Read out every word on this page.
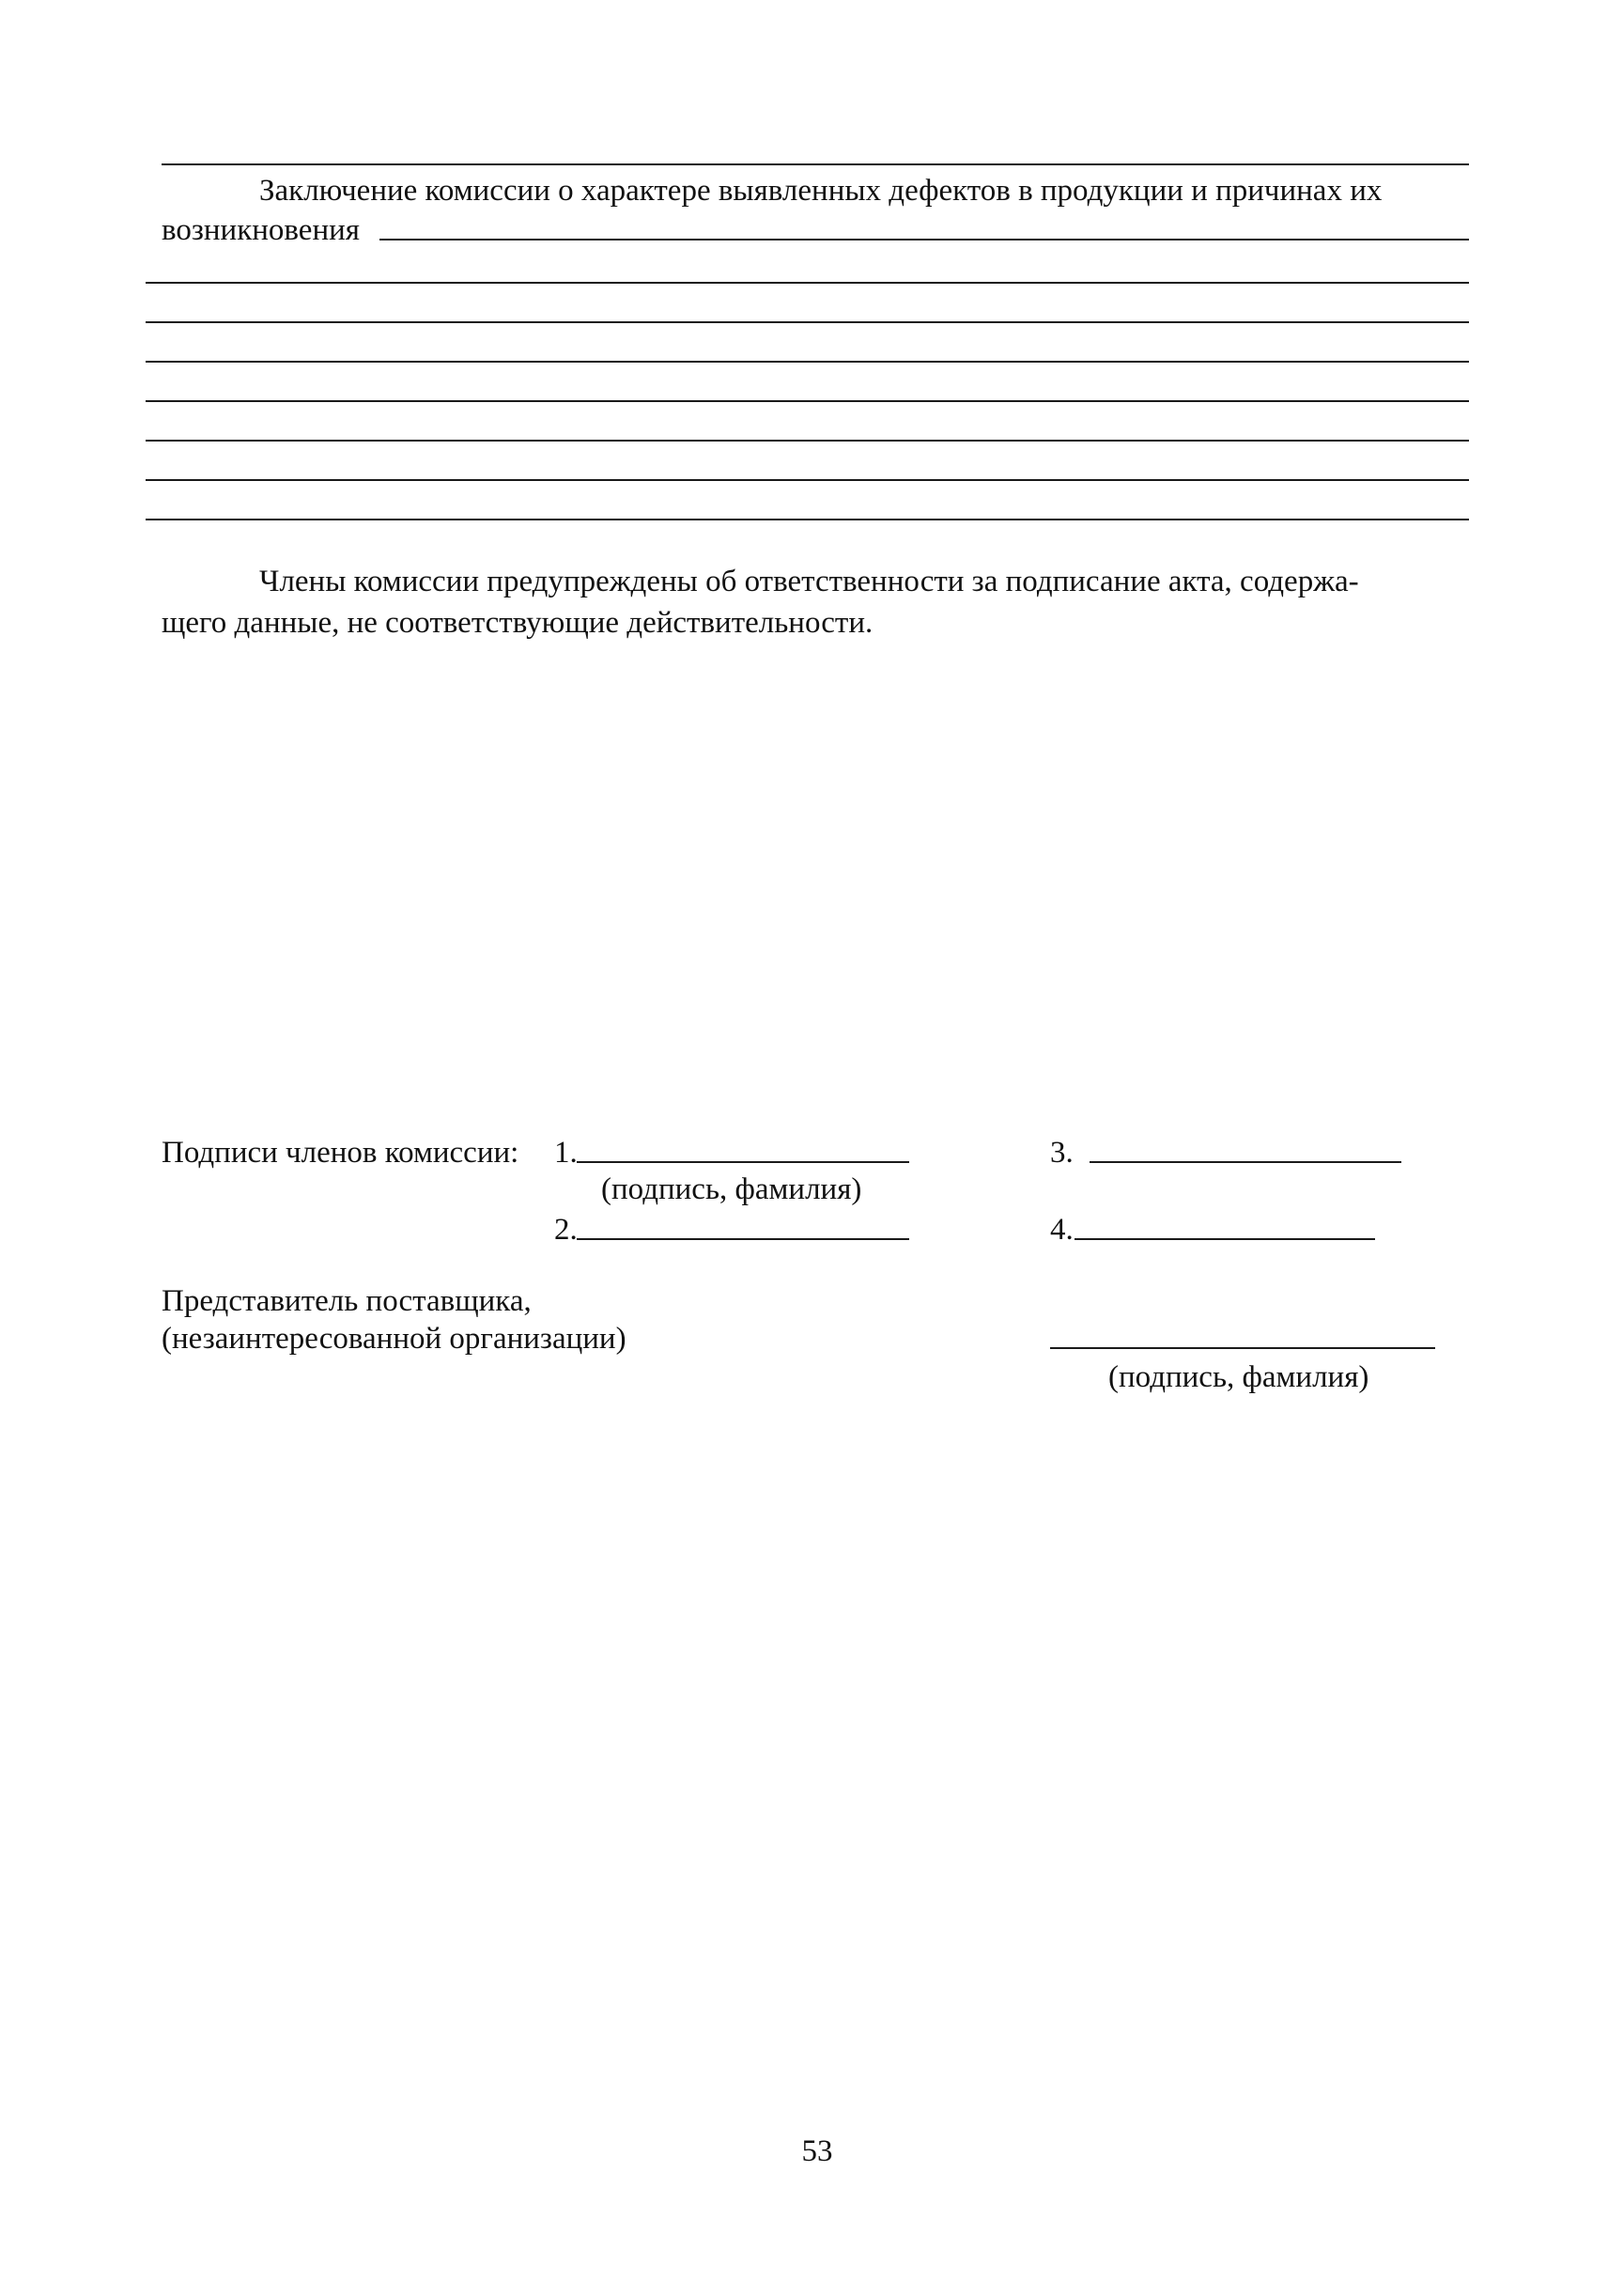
Заключение комиссии о характере выявленных дефектов в продукции и причинах их
возникновения
Члены комиссии предупреждены об ответственности за подписание акта, содержа-
щего данные, не соответствующие действительности.
Подписи членов комиссии: 1.
(подпись, фамилия)
2.
3.
4.
Представитель поставщика,
(незаинтересованной организации)
(подпись, фамилия)
53
